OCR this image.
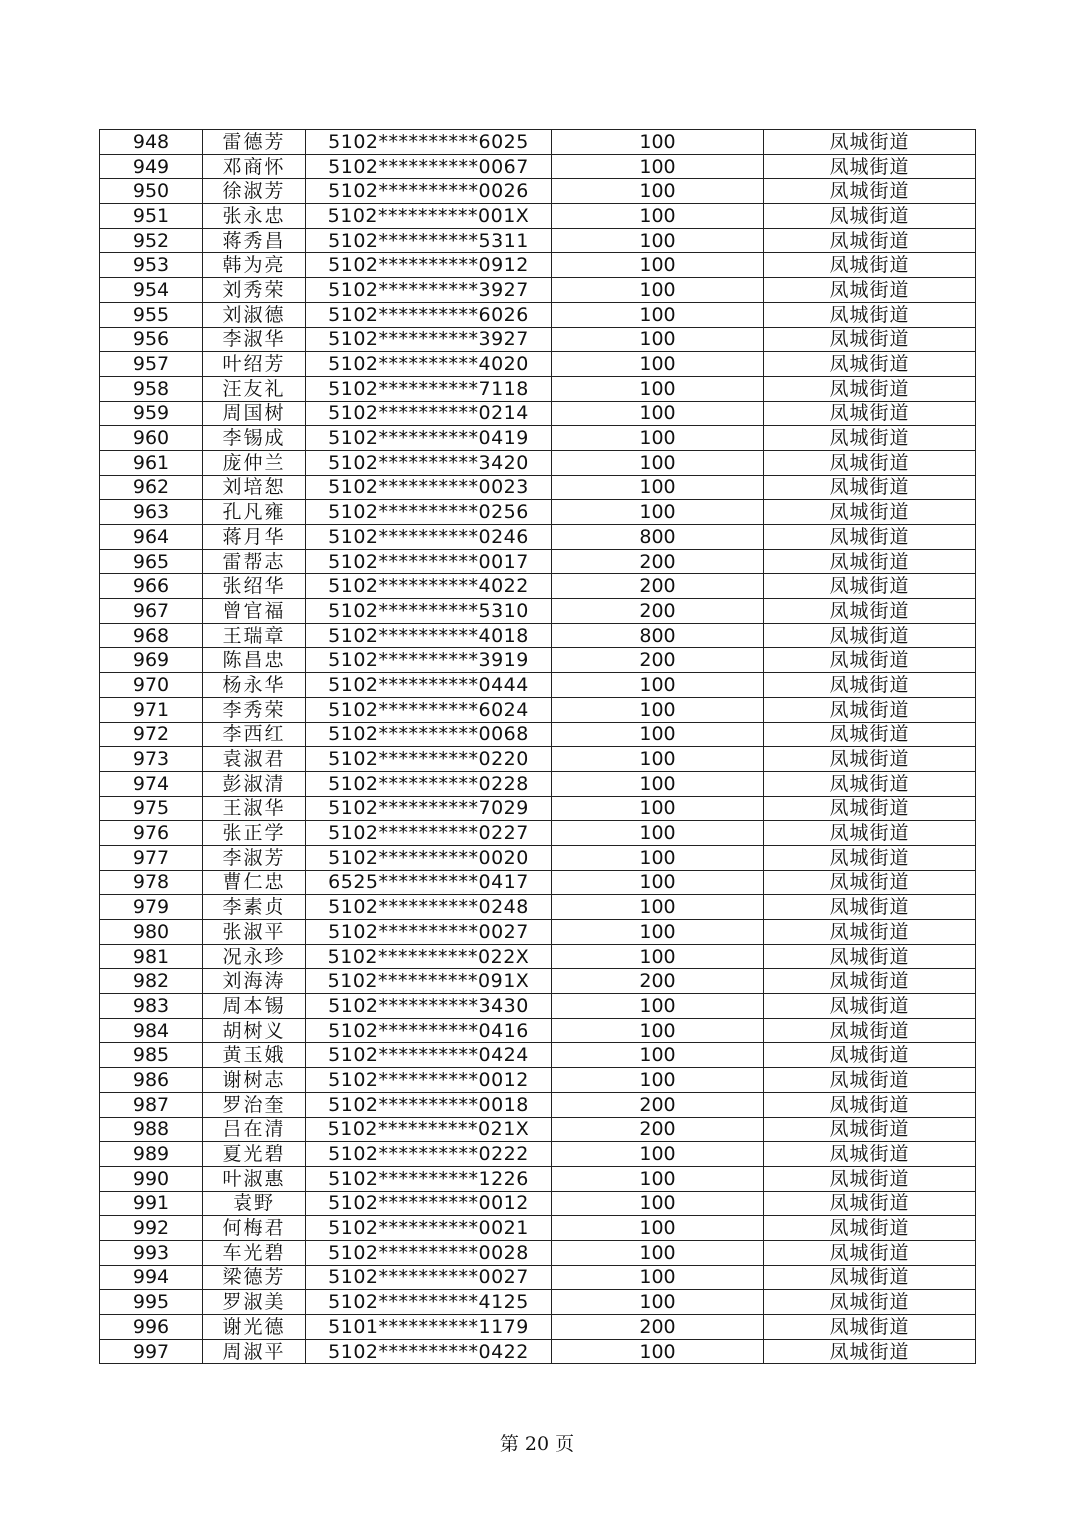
948	雷德芳	5102**********6025	100	凤城街道
949	邓商怀	5102**********0067	100	凤城街道
950	徐淑芳	5102**********0026	100	凤城街道
951	张永忠	5102**********001X	100	凤城街道
952	蒋秀昌	5102**********5311	100	凤城街道
953	韩为亮	5102**********0912	100	凤城街道
954	刘秀荣	5102**********3927	100	凤城街道
955	刘淑德	5102**********6026	100	凤城街道
956	李淑华	5102**********3927	100	凤城街道
957	叶绍芳	5102**********4020	100	凤城街道
958	汪友礼	5102**********7118	100	凤城街道
959	周国树	5102**********0214	100	凤城街道
960	李锡成	5102**********0419	100	凤城街道
961	庞仲兰	5102**********3420	100	凤城街道
962	刘培恕	5102**********0023	100	凤城街道
963	孔凡雍	5102**********0256	100	凤城街道
964	蒋月华	5102**********0246	800	凤城街道
965	雷帮志	5102**********0017	200	凤城街道
966	张绍华	5102**********4022	200	凤城街道
967	曾官福	5102**********5310	200	凤城街道
968	王瑞章	5102**********4018	800	凤城街道
969	陈昌忠	5102**********3919	200	凤城街道
970	杨永华	5102**********0444	100	凤城街道
971	李秀荣	5102**********6024	100	凤城街道
972	李西红	5102**********0068	100	凤城街道
973	袁淑君	5102**********0220	100	凤城街道
974	彭淑清	5102**********0228	100	凤城街道
975	王淑华	5102**********7029	100	凤城街道
976	张正学	5102**********0227	100	凤城街道
977	李淑芳	5102**********0020	100	凤城街道
978	曹仁忠	6525**********0417	100	凤城街道
979	李素贞	5102**********0248	100	凤城街道
980	张淑平	5102**********0027	100	凤城街道
981	况永珍	5102**********022X	100	凤城街道
982	刘海涛	5102**********091X	200	凤城街道
983	周本锡	5102**********3430	100	凤城街道
984	胡树义	5102**********0416	100	凤城街道
985	黄玉娥	5102**********0424	100	凤城街道
986	谢树志	5102**********0012	100	凤城街道
987	罗治奎	5102**********0018	200	凤城街道
988	吕在清	5102**********021X	200	凤城街道
989	夏光碧	5102**********0222	100	凤城街道
990	叶淑惠	5102**********1226	100	凤城街道
991	袁野	5102**********0012	100	凤城街道
992	何梅君	5102**********0021	100	凤城街道
993	车光碧	5102**********0028	100	凤城街道
994	梁德芳	5102**********0027	100	凤城街道
995	罗淑美	5102**********4125	100	凤城街道
996	谢光德	5101**********1179	200	凤城街道
997	周淑平	5102**********0422	100	凤城街道
第 20 页
